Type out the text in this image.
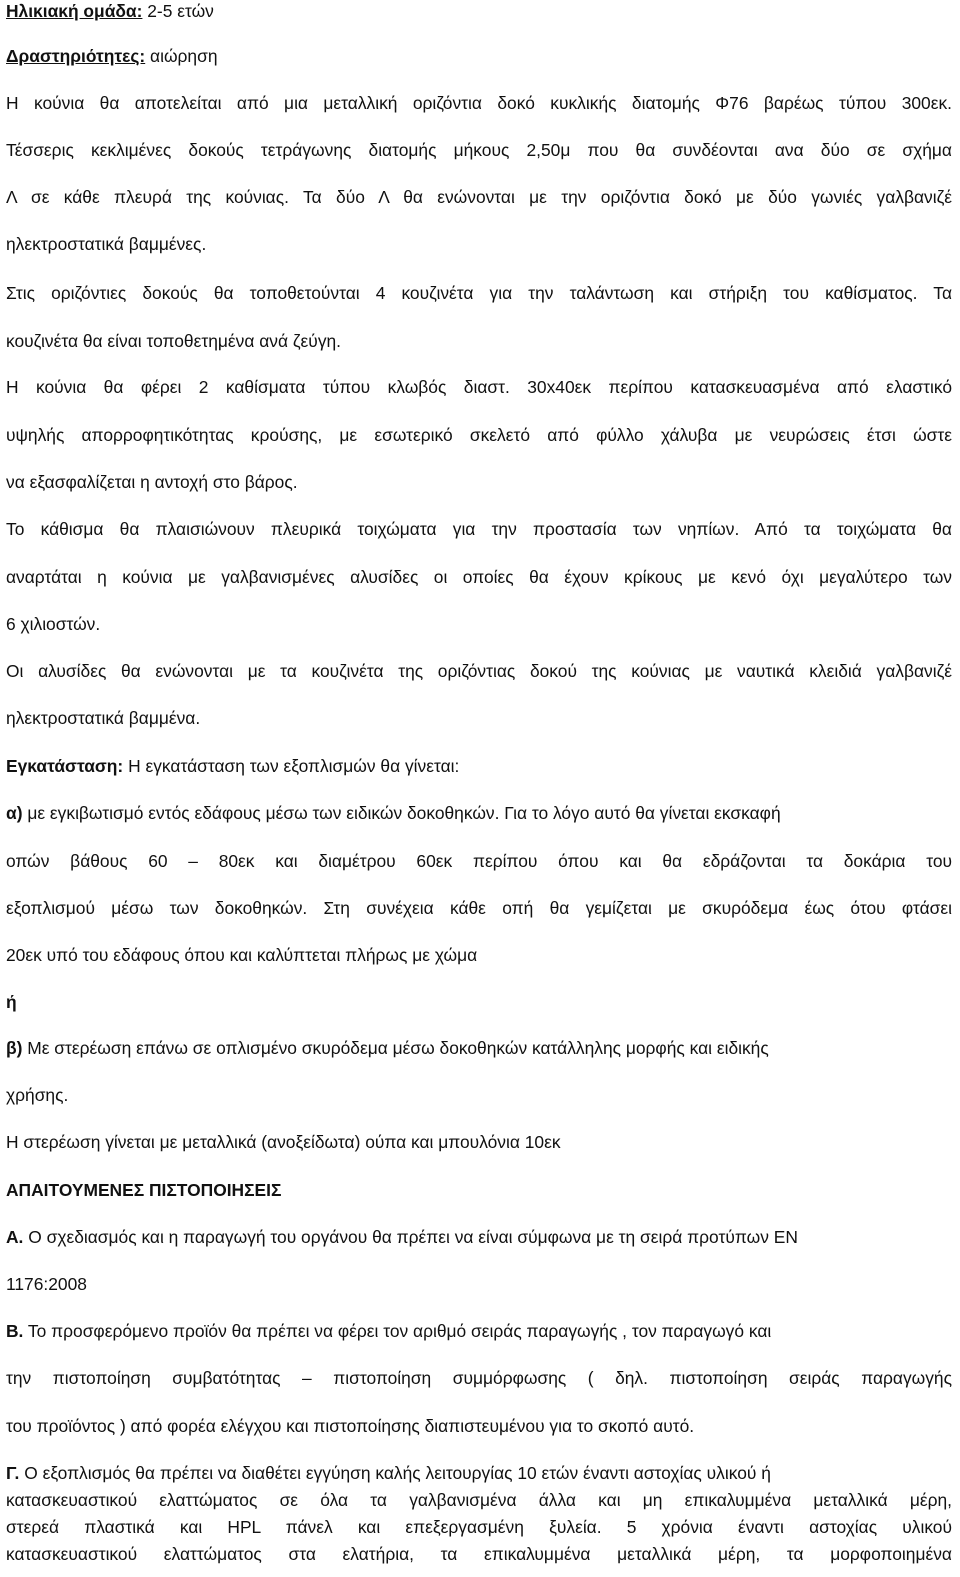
Ηλικιακή ομάδα: 2-5 ετών
Δραστηριότητες: αιώρηση
Η κούνια θα αποτελείται από μια μεταλλική οριζόντια δοκό κυκλικής διατομής Φ76 βαρέως τύπου 300εκ.
Τέσσερις κεκλιμένες δοκούς τετράγωνης διατομής μήκους 2,50μ που θα συνδέονται ανα δύο σε σχήμα
Λ σε κάθε πλευρά της κούνιας. Τα δύο Λ θα ενώνονται με την οριζόντια δοκό με δύο γωνιές γαλβανιζέ
ηλεκτροστατικά βαμμένες.
Στις οριζόντιες δοκούς θα τοποθετούνται 4 κουζινέτα για την ταλάντωση και στήριξη του καθίσματος. Τα
κουζινέτα θα είναι τοποθετημένα ανά ζεύγη.
Η κούνια θα φέρει 2 καθίσματα τύπου κλωβός διαστ. 30x40εκ περίπου κατασκευασμένα από ελαστικό
υψηλής απορροφητικότητας κρούσης, με εσωτερικό σκελετό από φύλλο χάλυβα με νευρώσεις έτσι ώστε
να εξασφαλίζεται η αντοχή στο βάρος.
Το κάθισμα θα πλαισιώνουν πλευρικά τοιχώματα για την προστασία των νηπίων. Από τα τοιχώματα θα
αναρτάται η κούνια με γαλβανισμένες αλυσίδες οι οποίες θα έχουν κρίκους με κενό όχι μεγαλύτερο των
6 χιλιοστών.
Οι αλυσίδες θα ενώνονται με τα κουζινέτα της οριζόντιας δοκού της κούνιας με ναυτικά κλειδιά γαλβανιζέ
ηλεκτροστατικά βαμμένα.
Εγκατάσταση: Η εγκατάσταση των εξοπλισμών θα γίνεται:
α) με εγκιβωτισμό εντός εδάφους μέσω των ειδικών δοκοθηκών. Για το λόγο αυτό θα γίνεται εκσκαφή
οπών βάθους 60 – 80εκ και διαμέτρου 60εκ περίπου όπου και θα εδράζονται τα δοκάρια του
εξοπλισμού μέσω των δοκοθηκών. Στη συνέχεια κάθε οπή θα γεμίζεται με σκυρόδεμα έως ότου φτάσει
20εκ υπό του εδάφους όπου και καλύπτεται πλήρως με χώμα
ή
β) Με στερέωση επάνω σε οπλισμένο σκυρόδεμα μέσω δοκοθηκών κατάλληλης μορφής και ειδικής
χρήσης.
Η στερέωση γίνεται με μεταλλικά (ανοξείδωτα) ούπα και μπουλόνια 10εκ
ΑΠΑΙΤΟΥΜΕΝΕΣ ΠΙΣΤΟΠΟΙΗΣΕΙΣ
Α. Ο σχεδιασμός και η παραγωγή του οργάνου θα πρέπει να είναι σύμφωνα με τη σειρά προτύπων ΕΝ
1176:2008
Β. Το προσφερόμενο προϊόν θα πρέπει να φέρει τον αριθμό σειράς παραγωγής , τον παραγωγό και
την πιστοποίηση συμβατότητας – πιστοποίηση συμμόρφωσης ( δηλ. πιστοποίηση σειράς παραγωγής
του προϊόντος ) από φορέα ελέγχου και πιστοποίησης διαπιστευμένου για το σκοπό αυτό.
Γ. Ο εξοπλισμός θα πρέπει να διαθέτει εγγύηση καλής λειτουργίας 10 ετών έναντι αστοχίας υλικού ή
κατασκευαστικού ελαττώματος σε όλα τα γαλβανισμένα άλλα και μη επικαλυμμένα μεταλλικά μέρη,
στερεά πλαστικά και HPL πάνελ και επεξεργασμένη ξυλεία. 5 χρόνια έναντι αστοχίας υλικού
κατασκευαστικού ελαττώματος στα ελατήρια, τα επικαλυμμένα μεταλλικά μέρη, τα μορφοποιημένα
